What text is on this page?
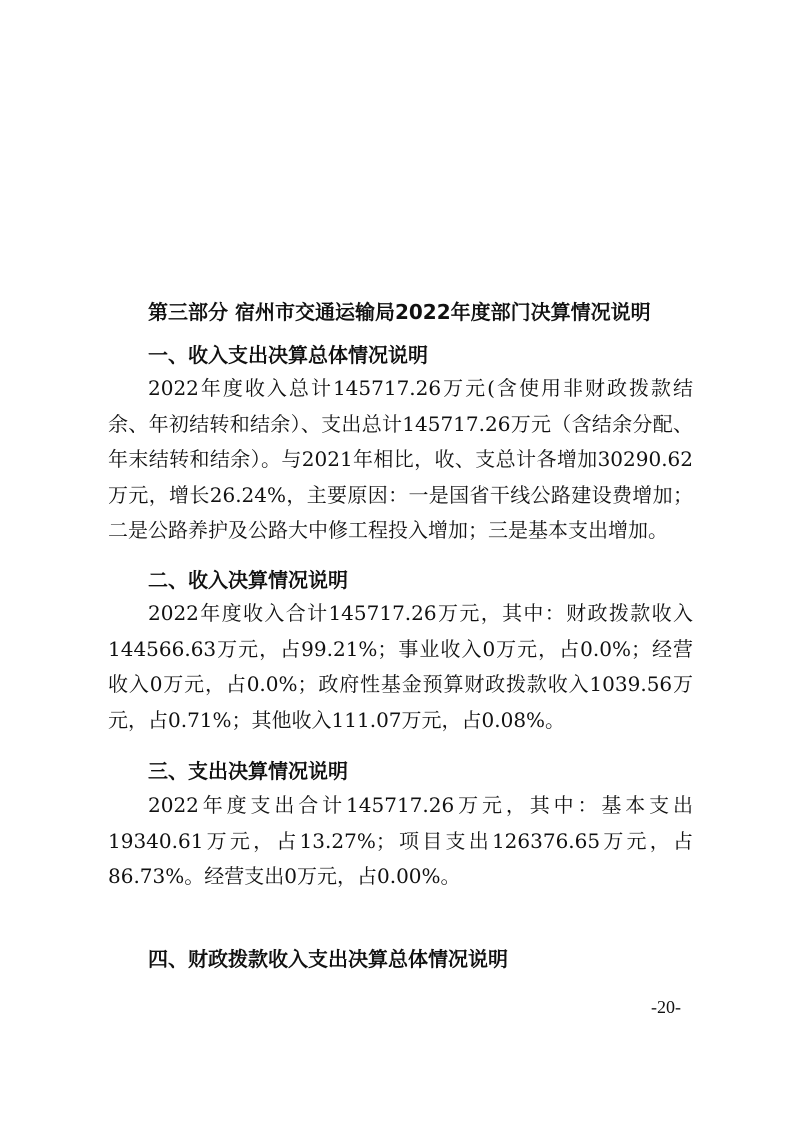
第三部分 宿州市交通运输局2022年度部门决算情况说明
一、收入支出决算总体情况说明
2022年度收入总计145717.26万元(含使用非财政拨款结余、年初结转和结余）、支出总计145717.26万元（含结余分配、年末结转和结余）。与2021年相比，收、支总计各增加30290.62万元，增长26.24%，主要原因：一是国省干线公路建设费增加；二是公路养护及公路大中修工程投入增加；三是基本支出增加。
二、收入决算情况说明
2022年度收入合计145717.26万元，其中：财政拨款收入144566.63万元，占99.21%；事业收入0万元，占0.0%；经营收入0万元，占0.0%；政府性基金预算财政拨款收入1039.56万元，占0.71%；其他收入111.07万元，占0.08%。
三、支出决算情况说明
2022年度支出合计145717.26万元，其中：基本支出19340.61万元，占13.27%；项目支出126376.65万元，占86.73%。经营支出0万元，占0.00%。
四、财政拨款收入支出决算总体情况说明
-20-
